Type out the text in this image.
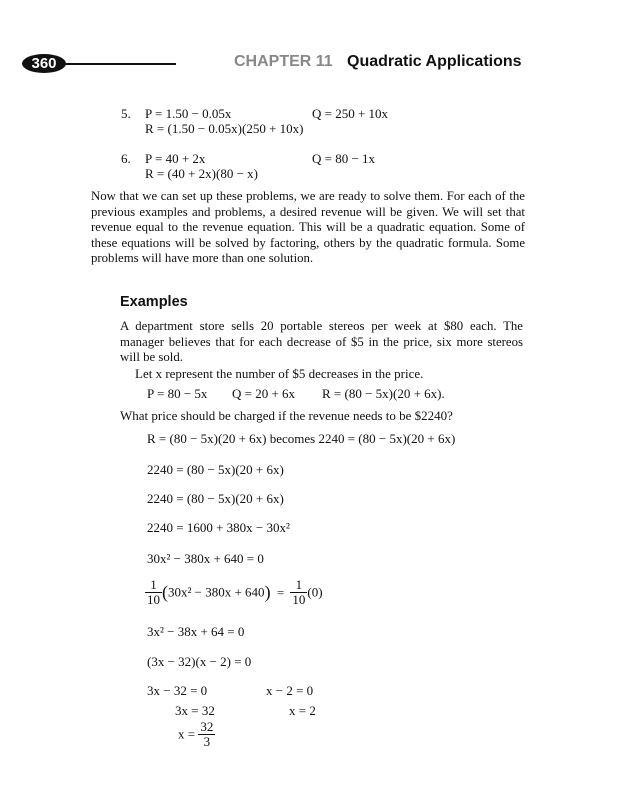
360	CHAPTER 11 Quadratic Applications
5. P = 1.50 − 0.05x	Q = 250 + 10x
R = (1.50 − 0.05x)(250 + 10x)
6. P = 40 + 2x	Q = 80 − 1x
R = (40 + 2x)(80 − x)
Now that we can set up these problems, we are ready to solve them. For each of the previous examples and problems, a desired revenue will be given. We will set that revenue equal to the revenue equation. This will be a quadratic equation. Some of these equations will be solved by factoring, others by the quadratic formula. Some problems will have more than one solution.
Examples
A department store sells 20 portable stereos per week at $80 each. The manager believes that for each decrease of $5 in the price, six more stereos will be sold.
Let x represent the number of $5 decreases in the price.
P = 80 − 5x Q = 20 + 6x R = (80 − 5x)(20 + 6x).
What price should be charged if the revenue needs to be $2240?
R = (80 − 5x)(20 + 6x) becomes 2240 = (80 − 5x)(20 + 6x)
2240 = (80 − 5x)(20 + 6x)
2240 = (80 − 5x)(20 + 6x)
2240 = 1600 + 380x − 30x²
30x² − 380x + 640 = 0
$\frac{1}{10} (30x^2 - 380x + 640) = \frac{1}{10} (0)$
3x² − 38x + 64 = 0
(3x − 32)(x − 2) = 0
3x − 32 = 0	x − 2 = 0
3x = 32	x = 2
$x = \frac{32}{3}$
